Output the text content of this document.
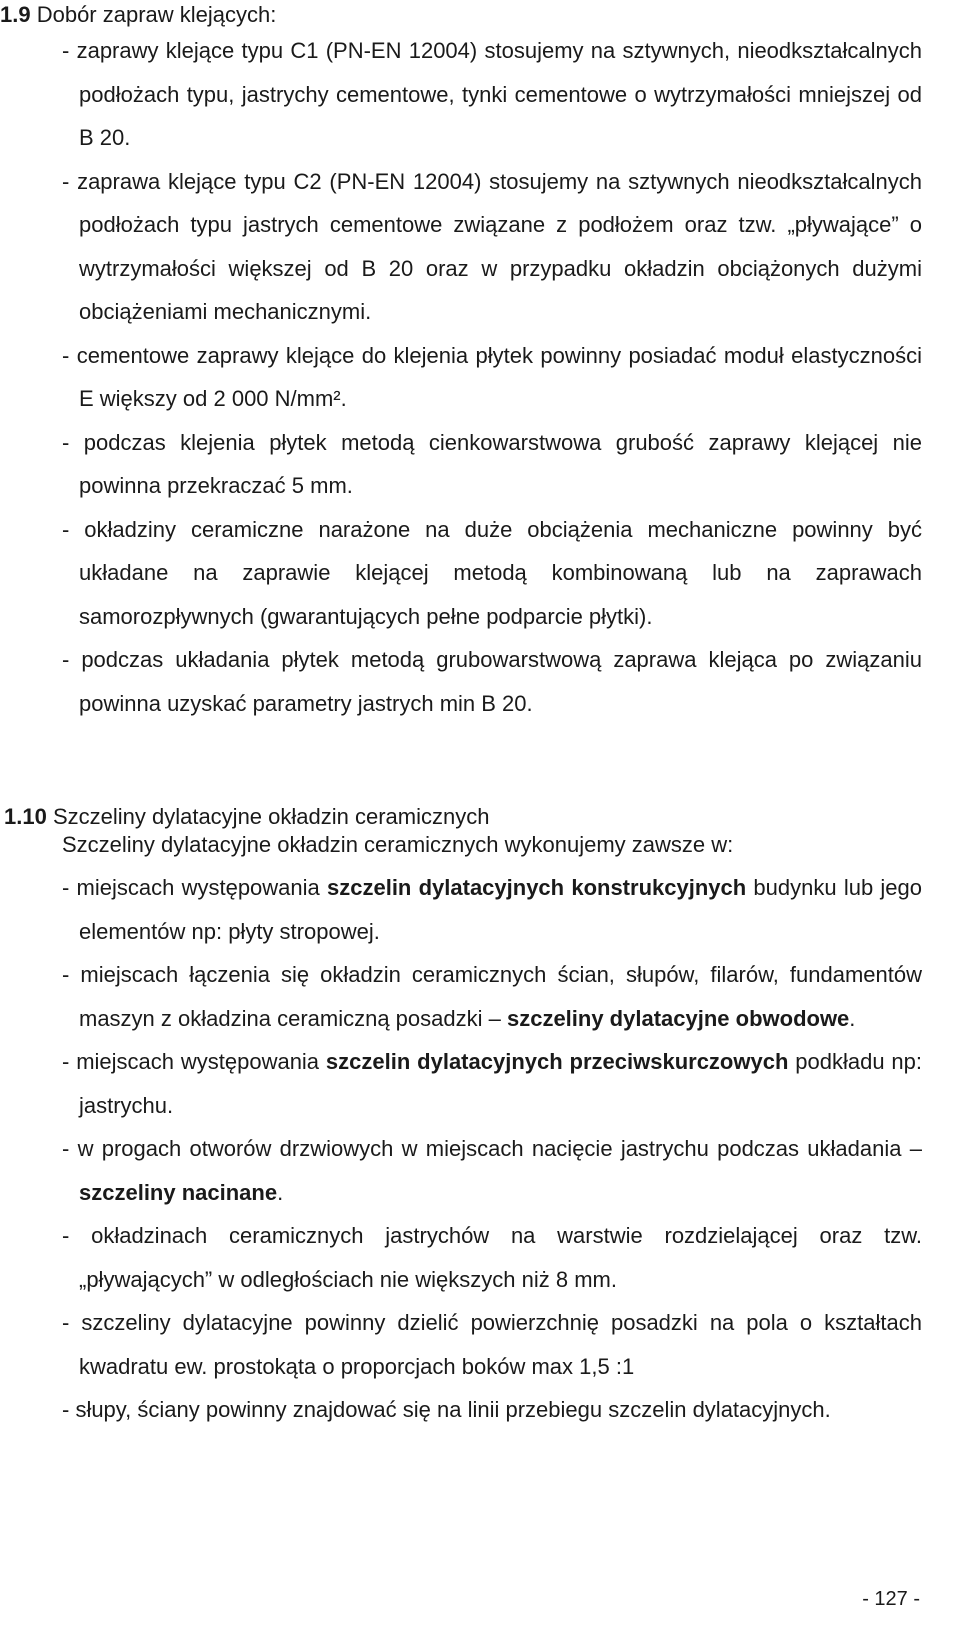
1.9 Dobór zapraw klejących:

- zaprawy klejące typu C1 (PN-EN 12004) stosujemy na sztywnych, nieodkształcalnych podłożach typu, jastrychy cementowe, tynki cementowe o wytrzymałości mniejszej od B 20.

- zaprawa klejące typu C2 (PN-EN 12004) stosujemy na sztywnych nieodkształcalnych podłożach typu jastrych cementowe związane z podłożem oraz tzw. „pływające” o wytrzymałości większej od B 20 oraz w przypadku okładzin obciążonych dużymi obciążeniami mechanicznymi.

- cementowe zaprawy klejące do klejenia płytek powinny posiadać moduł elastyczności E większy od 2 000 N/mm².

- podczas klejenia płytek metodą cienkowarstwowa grubość zaprawy klejącej nie powinna przekraczać 5 mm.

- okładziny ceramiczne narażone na duże obciążenia mechaniczne powinny być układane na zaprawie klejącej metodą kombinowaną lub na zaprawach samorozpływnych (gwarantujących pełne podparcie płytki).

- podczas układania płytek metodą grubowarstwową zaprawa klejąca po związaniu powinna uzyskać parametry jastrych min B 20.

1.10 Szczeliny dylatacyjne okładzin ceramicznych
Szczeliny dylatacyjne okładzin ceramicznych wykonujemy zawsze w:

- miejscach występowania szczelin dylatacyjnych konstrukcyjnych budynku lub jego elementów np: płyty stropowej.

- miejscach łączenia się okładzin ceramicznych ścian, słupów, filarów, fundamentów maszyn z okładzina ceramiczną posadzki – szczeliny dylatacyjne obwodowe.

- miejscach występowania szczelin dylatacyjnych przeciwskurczowych podkładu np: jastrychu.

- w progach otworów drzwiowych w miejscach nacięcie jastrychu podczas układania – szczeliny nacinane.

- okładzinach ceramicznych jastrychów na warstwie rozdzielającej oraz tzw. „pływających” w odległościach nie większych niż 8 mm.

- szczeliny dylatacyjne powinny dzielić powierzchnię posadzki na pola o kształtach kwadratu ew. prostokąta o proporcjach boków max 1,5 :1

- słupy, ściany powinny znajdować się na linii przebiegu szczelin dylatacyjnych.

- 127 -
